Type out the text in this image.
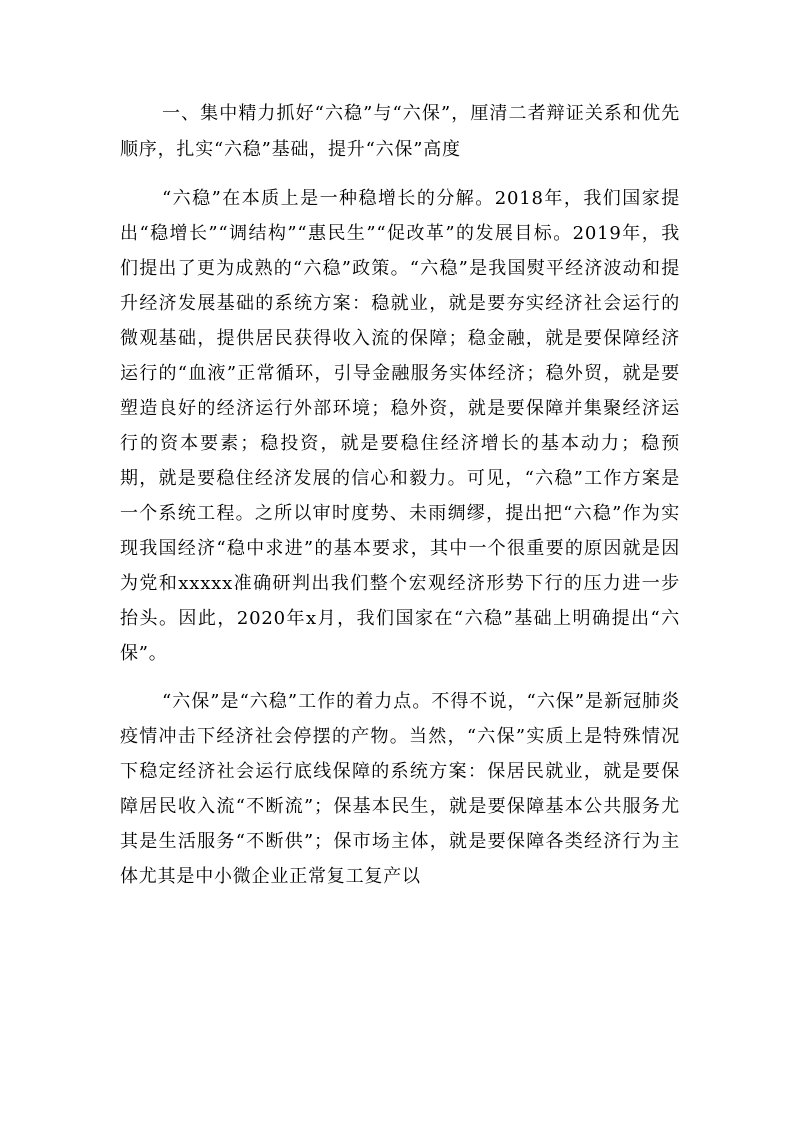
一、集中精力抓好“六稳”与“六保”，厘清二者辩证关系和优先顺序，扎实“六稳”基础，提升“六保”高度

“六稳”在本质上是一种稳增长的分解。2018年，我们国家提出“稳增长”“调结构”“惠民生”“促改革”的发展目标。2019年，我们提出了更为成熟的“六稳”政策。“六稳”是我国熨平经济波动和提升经济发展基础的系统方案：稳就业，就是要夯实经济社会运行的微观基础，提供居民获得收入流的保障；稳金融，就是要保障经济运行的“血液”正常循环，引导金融服务实体经济；稳外贸，就是要塑造良好的经济运行外部环境；稳外资，就是要保障并集聚经济运行的资本要素；稳投资，就是要稳住经济增长的基本动力；稳预期，就是要稳住经济发展的信心和毅力。可见，“六稳”工作方案是一个系统工程。之所以审时度势、未雨绸缪，提出把“六稳”作为实现我国经济“稳中求进”的基本要求，其中一个很重要的原因就是因为党和xxxxx准确研判出我们整个宏观经济形势下行的压力进一步抬头。因此，2020年x月，我们国家在“六稳”基础上明确提出“六保”。

“六保”是“六稳”工作的着力点。不得不说，“六保”是新冠肺炎疫情冲击下经济社会停摆的产物。当然，“六保”实质上是特殊情况下稳定经济社会运行底线保障的系统方案：保居民就业，就是要保障居民收入流“不断流”；保基本民生，就是要保障基本公共服务尤其是生活服务“不断供”；保市场主体，就是要保障各类经济行为主体尤其是中小微企业正常复工复产以
